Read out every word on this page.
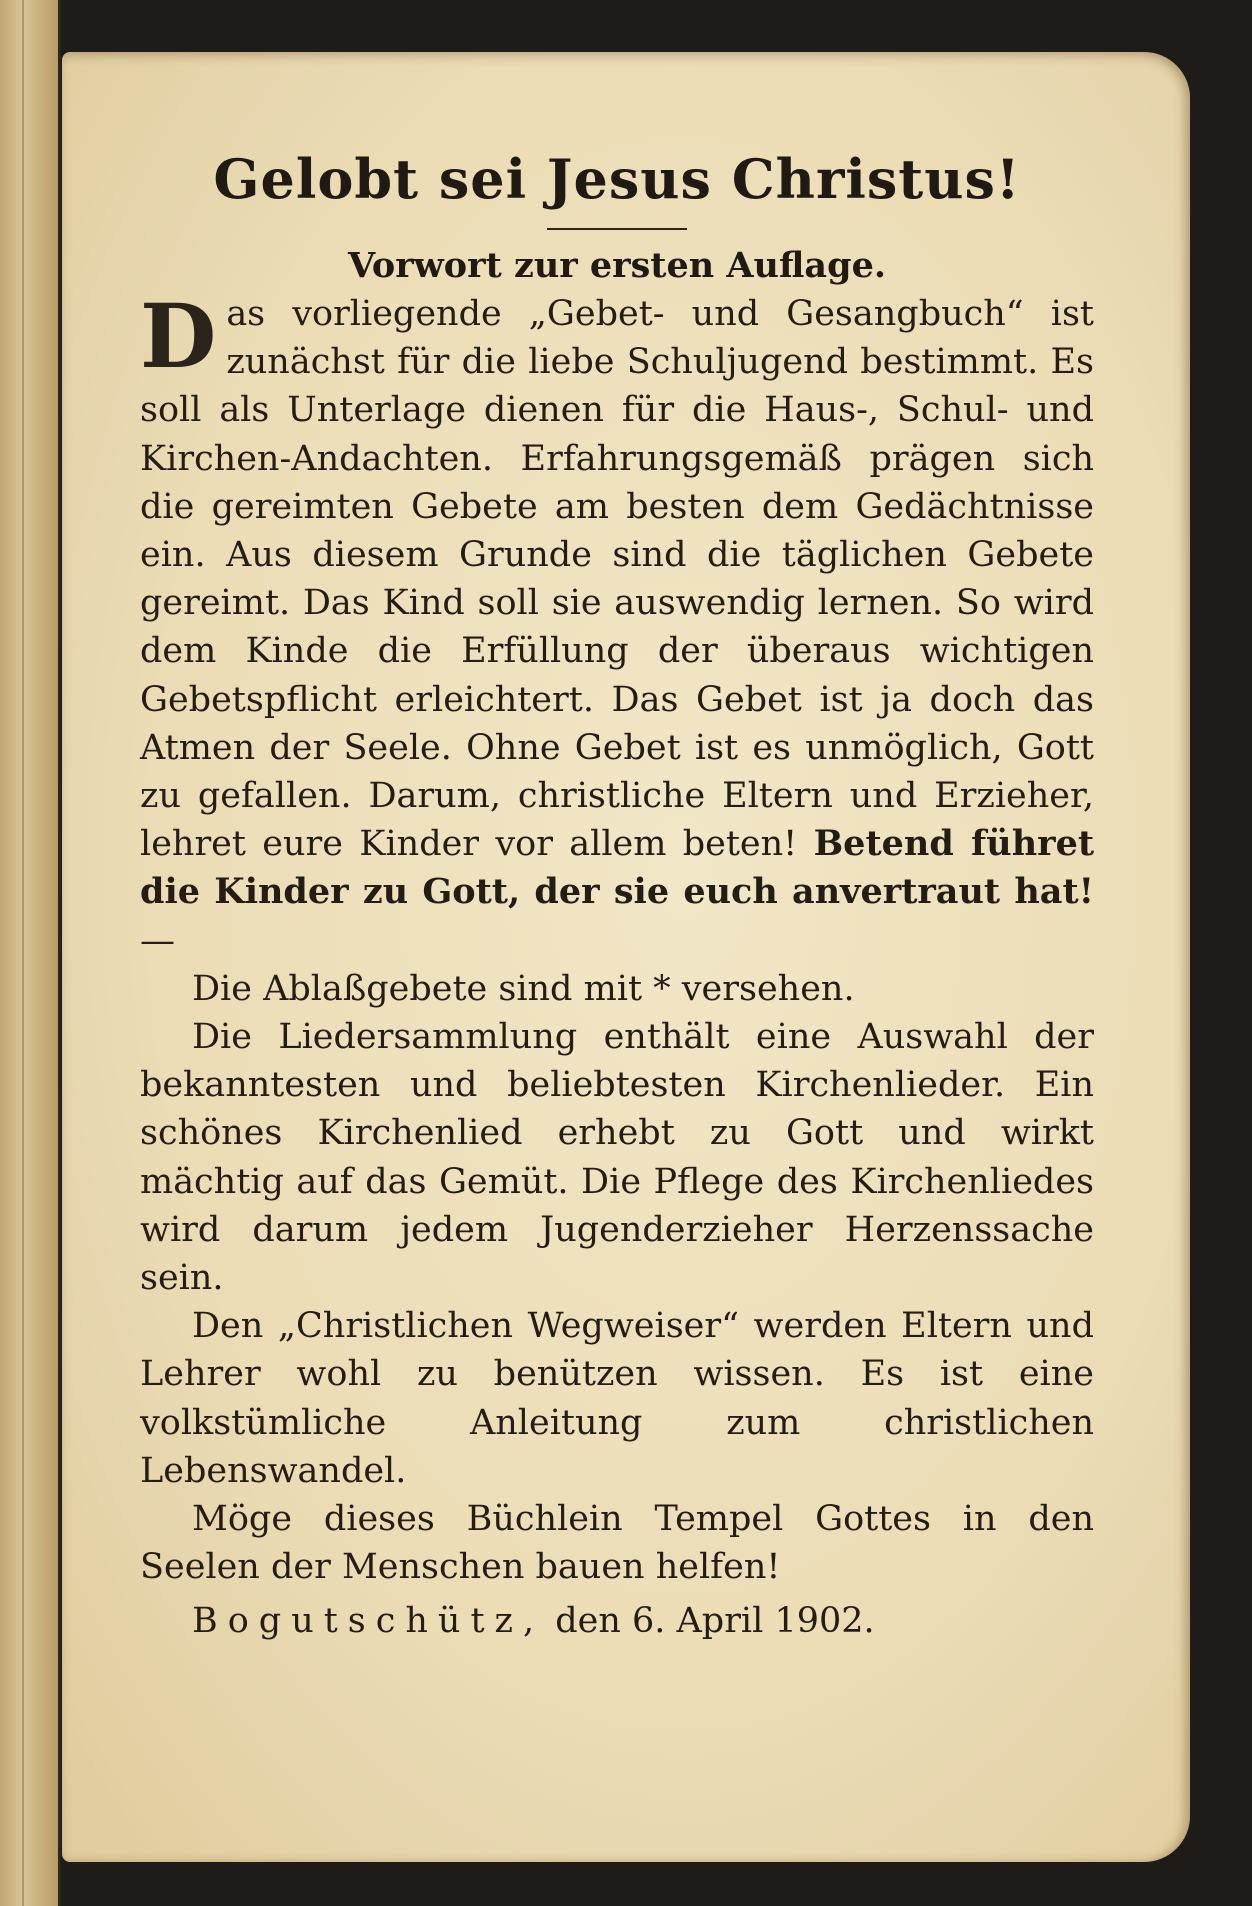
Gelobt sei Jesus Christus!
Vorwort zur ersten Auflage.

Das vorliegende „Gebet- und Gesangbuch“ ist zunächst für die liebe Schuljugend bestimmt. Es soll als Unterlage dienen für die Haus-, Schul- und Kirchen-Andachten. Erfahrungsgemäß prägen sich die gereimten Gebete am besten dem Gedächtnisse ein. Aus diesem Grunde sind die täglichen Gebete gereimt. Das Kind soll sie auswendig lernen. So wird dem Kinde die Erfüllung der überaus wichtigen Gebetspflicht erleichtert. Das Gebet ist ja doch das Atmen der Seele. Ohne Gebet ist es unmöglich, Gott zu gefallen. Darum, christliche Eltern und Erzieher, lehret eure Kinder vor allem beten! Betend führet die Kinder zu Gott, der sie euch anvertraut hat! —

Die Ablaßgebete sind mit * versehen.

Die Liedersammlung enthält eine Auswahl der bekanntesten und beliebtesten Kirchenlieder. Ein schönes Kirchenlied erhebt zu Gott und wirkt mächtig auf das Gemüt. Die Pflege des Kirchenliedes wird darum jedem Jugenderzieher Herzenssache sein.

Den „Christlichen Wegweiser“ werden Eltern und Lehrer wohl zu benützen wissen. Es ist eine volkstümliche Anleitung zum christlichen Lebenswandel.

Möge dieses Büchlein Tempel Gottes in den Seelen der Menschen bauen helfen!

Bogutschütz, den 6. April 1902.
